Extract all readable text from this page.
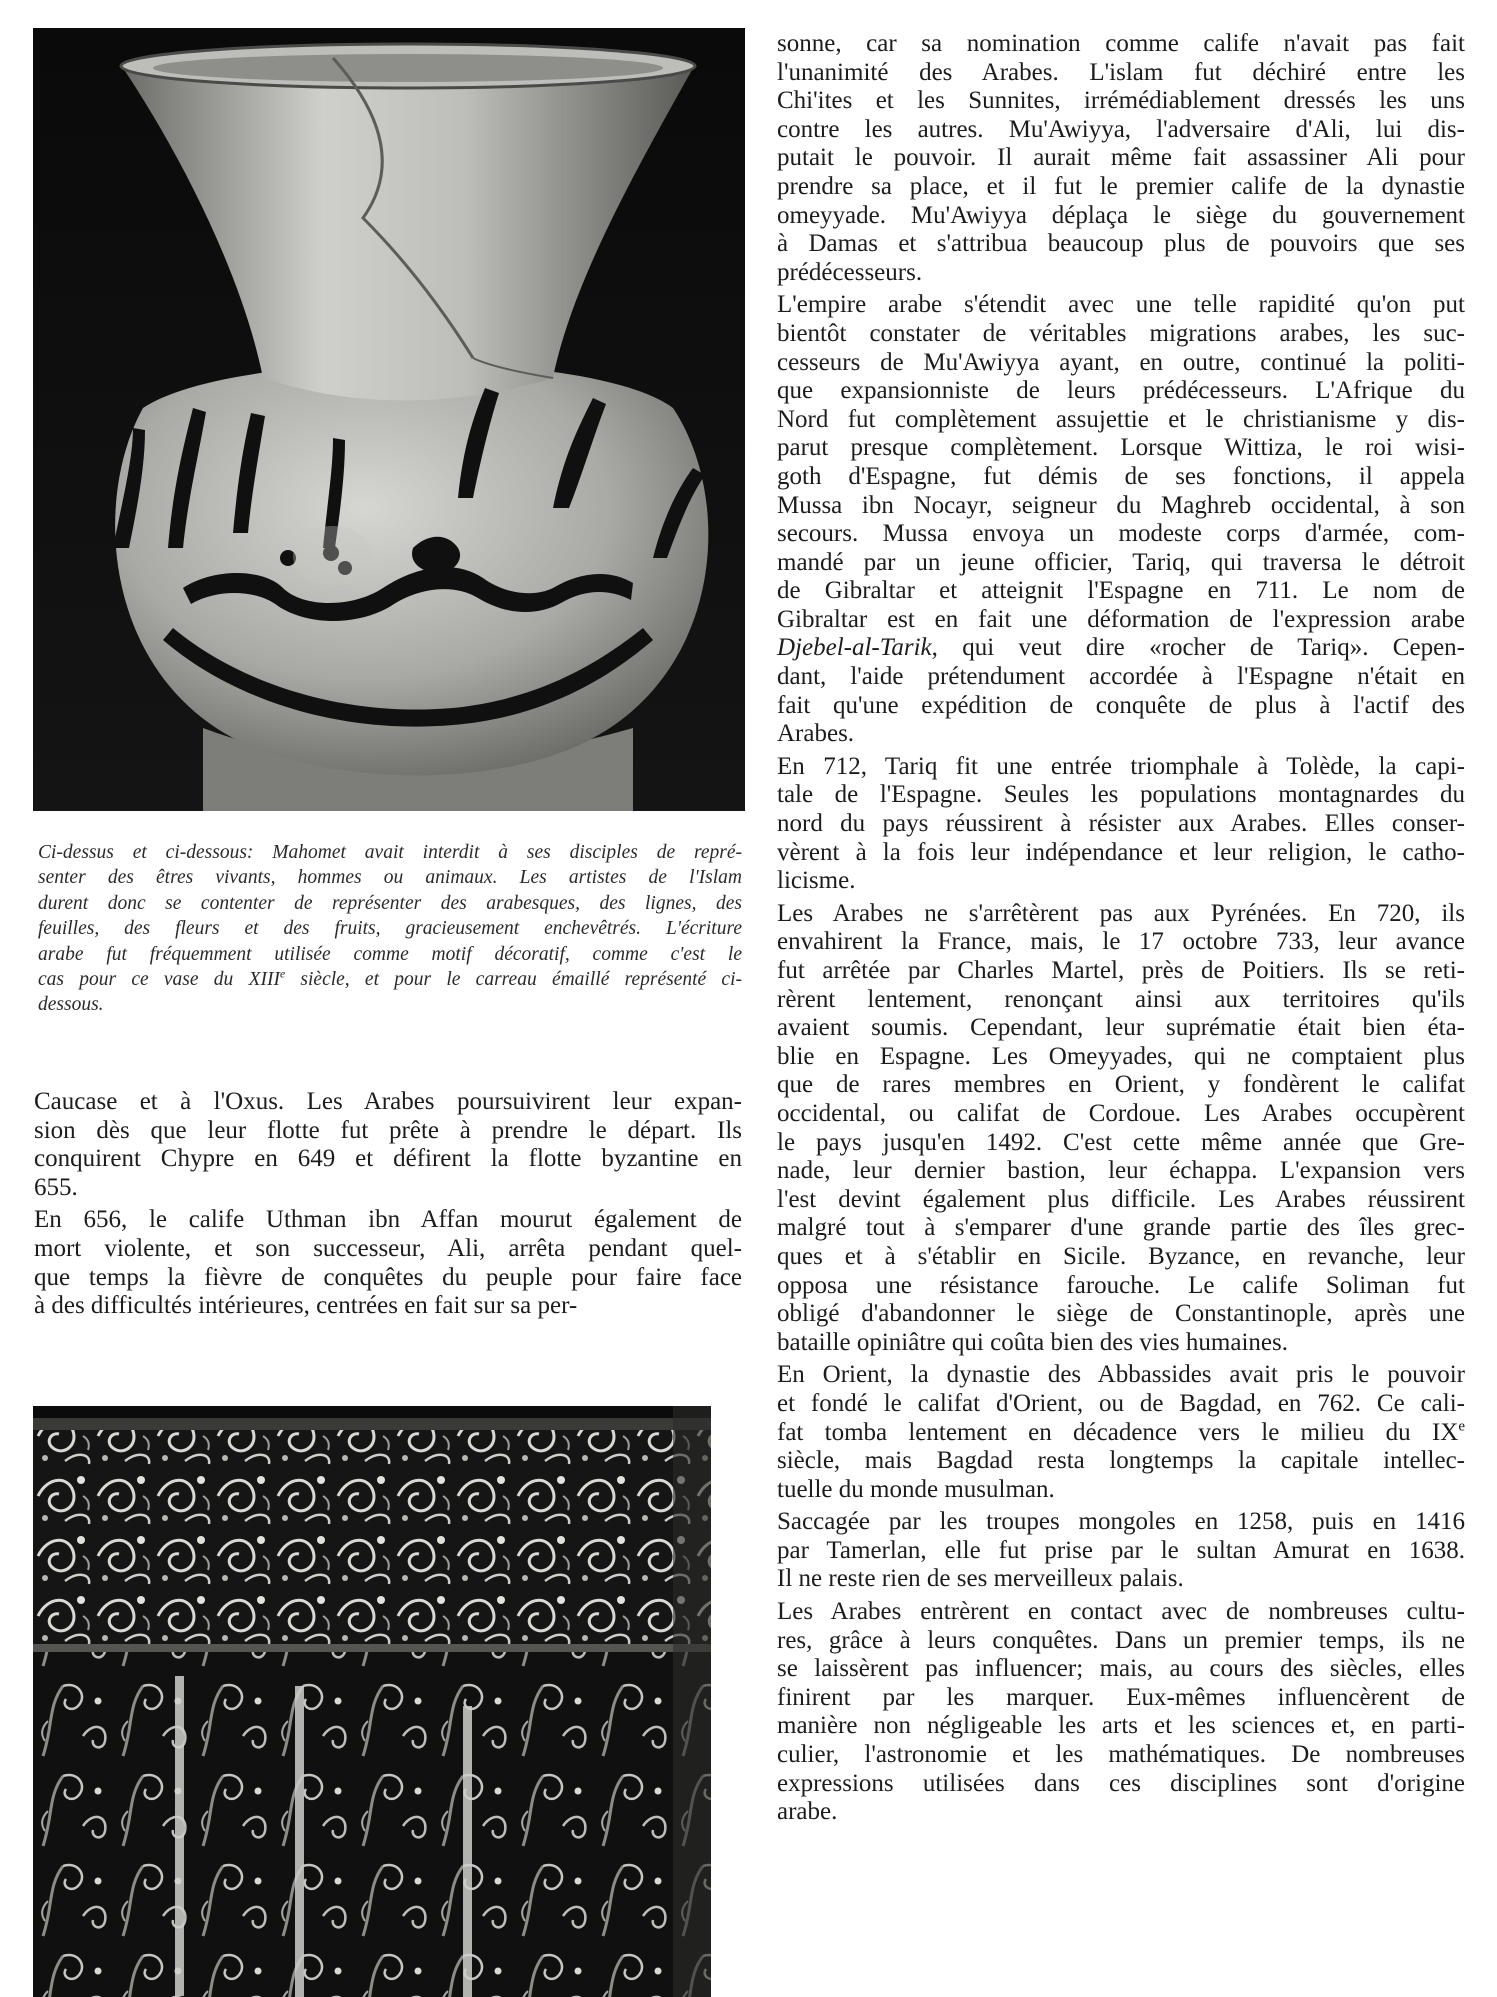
Ci-dessus et ci-dessous: Mahomet avait interdit à ses disciples de repré-
senter des êtres vivants, hommes ou animaux. Les artistes de l'Islam
durent donc se contenter de représenter des arabesques, des lignes, des
feuilles, des fleurs et des fruits, gracieusement enchevêtrés. L'écriture
arabe fut fréquemment utilisée comme motif décoratif, comme c'est le
cas pour ce vase du XIIIe siècle, et pour le carreau émaillé représenté ci-
dessous.
Caucase et à l'Oxus. Les Arabes poursuivirent leur expan-
sion dès que leur flotte fut prête à prendre le départ. Ils
conquirent Chypre en 649 et défirent la flotte byzantine en
655.
En 656, le calife Uthman ibn Affan mourut également de
mort violente, et son successeur, Ali, arrêta pendant quel-
que temps la fièvre de conquêtes du peuple pour faire face
à des difficultés intérieures, centrées en fait sur sa per-
sonne, car sa nomination comme calife n'avait pas fait
l'unanimité des Arabes. L'islam fut déchiré entre les
Chi'ites et les Sunnites, irrémédiablement dressés les uns
contre les autres. Mu'Awiyya, l'adversaire d'Ali, lui dis-
putait le pouvoir. Il aurait même fait assassiner Ali pour
prendre sa place, et il fut le premier calife de la dynastie
omeyyade. Mu'Awiyya déplaça le siège du gouvernement
à Damas et s'attribua beaucoup plus de pouvoirs que ses
prédécesseurs.
L'empire arabe s'étendit avec une telle rapidité qu'on put
bientôt constater de véritables migrations arabes, les suc-
cesseurs de Mu'Awiyya ayant, en outre, continué la politi-
que expansionniste de leurs prédécesseurs. L'Afrique du
Nord fut complètement assujettie et le christianisme y dis-
parut presque complètement. Lorsque Wittiza, le roi wisi-
goth d'Espagne, fut démis de ses fonctions, il appela
Mussa ibn Nocayr, seigneur du Maghreb occidental, à son
secours. Mussa envoya un modeste corps d'armée, com-
mandé par un jeune officier, Tariq, qui traversa le détroit
de Gibraltar et atteignit l'Espagne en 711. Le nom de
Gibraltar est en fait une déformation de l'expression arabe
Djebel-al-Tarik, qui veut dire «rocher de Tariq». Cepen-
dant, l'aide prétendument accordée à l'Espagne n'était en
fait qu'une expédition de conquête de plus à l'actif des
Arabes.
En 712, Tariq fit une entrée triomphale à Tolède, la capi-
tale de l'Espagne. Seules les populations montagnardes du
nord du pays réussirent à résister aux Arabes. Elles conser-
vèrent à la fois leur indépendance et leur religion, le catho-
licisme.
Les Arabes ne s'arrêtèrent pas aux Pyrénées. En 720, ils
envahirent la France, mais, le 17 octobre 733, leur avance
fut arrêtée par Charles Martel, près de Poitiers. Ils se reti-
rèrent lentement, renonçant ainsi aux territoires qu'ils
avaient soumis. Cependant, leur suprématie était bien éta-
blie en Espagne. Les Omeyyades, qui ne comptaient plus
que de rares membres en Orient, y fondèrent le califat
occidental, ou califat de Cordoue. Les Arabes occupèrent
le pays jusqu'en 1492. C'est cette même année que Gre-
nade, leur dernier bastion, leur échappa. L'expansion vers
l'est devint également plus difficile. Les Arabes réussirent
malgré tout à s'emparer d'une grande partie des îles grec-
ques et à s'établir en Sicile. Byzance, en revanche, leur
opposa une résistance farouche. Le calife Soliman fut
obligé d'abandonner le siège de Constantinople, après une
bataille opiniâtre qui coûta bien des vies humaines.
En Orient, la dynastie des Abbassides avait pris le pouvoir
et fondé le califat d'Orient, ou de Bagdad, en 762. Ce cali-
fat tomba lentement en décadence vers le milieu du IXe
siècle, mais Bagdad resta longtemps la capitale intellec-
tuelle du monde musulman.
Saccagée par les troupes mongoles en 1258, puis en 1416
par Tamerlan, elle fut prise par le sultan Amurat en 1638.
Il ne reste rien de ses merveilleux palais.
Les Arabes entrèrent en contact avec de nombreuses cultu-
res, grâce à leurs conquêtes. Dans un premier temps, ils ne
se laissèrent pas influencer; mais, au cours des siècles, elles
finirent par les marquer. Eux-mêmes influencèrent de
manière non négligeable les arts et les sciences et, en parti-
culier, l'astronomie et les mathématiques. De nombreuses
expressions utilisées dans ces disciplines sont d'origine
arabe.
